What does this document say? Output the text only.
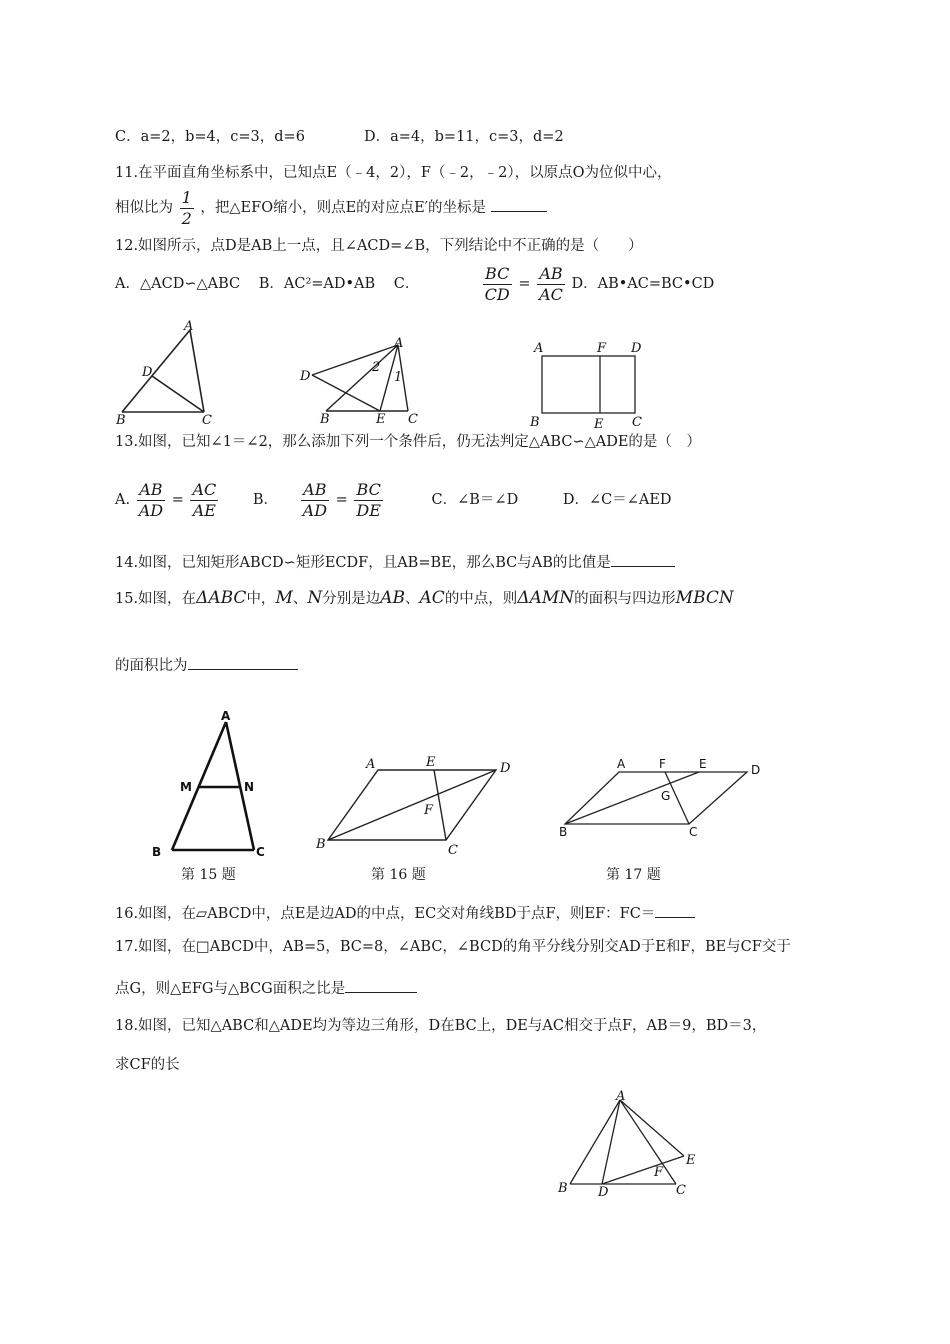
C．a=2，b=4，c=3，d=6	D．a=4，b=11，c=3，d=2
11.在平面直角坐标系中，已知点E（﹣4，2），F（﹣2，﹣2），以原点O为位似中心，
相似比为 $\frac{1}{2}$ ，把△EFO缩小，则点E的对应点E′的坐标是
12.如图所示，点D是AB上一点，且∠ACD=∠B，下列结论中不正确的是（　　）
A．△ACD∽△ABC B．AC²=AD•AB C．	$\frac{BC}{CD} = \frac{AB}{AC}$ D．AB•AC=BC•CD
A
D
B	C
A
D
2
1
B	E C
A	F D
B	E C
13.如图，已知∠1＝∠2，那么添加下列一个条件后，仍无法判定△ABC∽△ADE的是（　）
A. $\frac{AB}{AD} = \frac{AC}{AE}$ B． $\frac{AB}{AD} = \frac{BC}{DE}$	C．∠B＝∠D	D．∠C＝∠AED
14.如图，已知矩形ABCD∽矩形ECDF，且AB=BE，那么BC与AB的比值是
15.如图，在ΔABC中，M、N分别是边AB、AC的中点，则ΔAMN的面积与四边形MBCN
的面积比为
A
M	N
B	C
第 15 题
A	E	D
F
B	C
第 16 题
A	F	E	D
G
B	C
第 17 题
16.如图，在▱ABCD中，点E是边AD的中点，EC交对角线BD于点F，则EF：FC＝
17.如图，在□ABCD中，AB=5，BC=8，∠ABC，∠BCD的角平分线分别交AD于E和F，BE与CF交于
点G，则△EFG与△BCG面积之比是
18.如图，已知△ABC和△ADE均为等边三角形，D在BC上，DE与AC相交于点F，AB＝9，BD＝3，
求CF的长
A
E
F
B D	C
